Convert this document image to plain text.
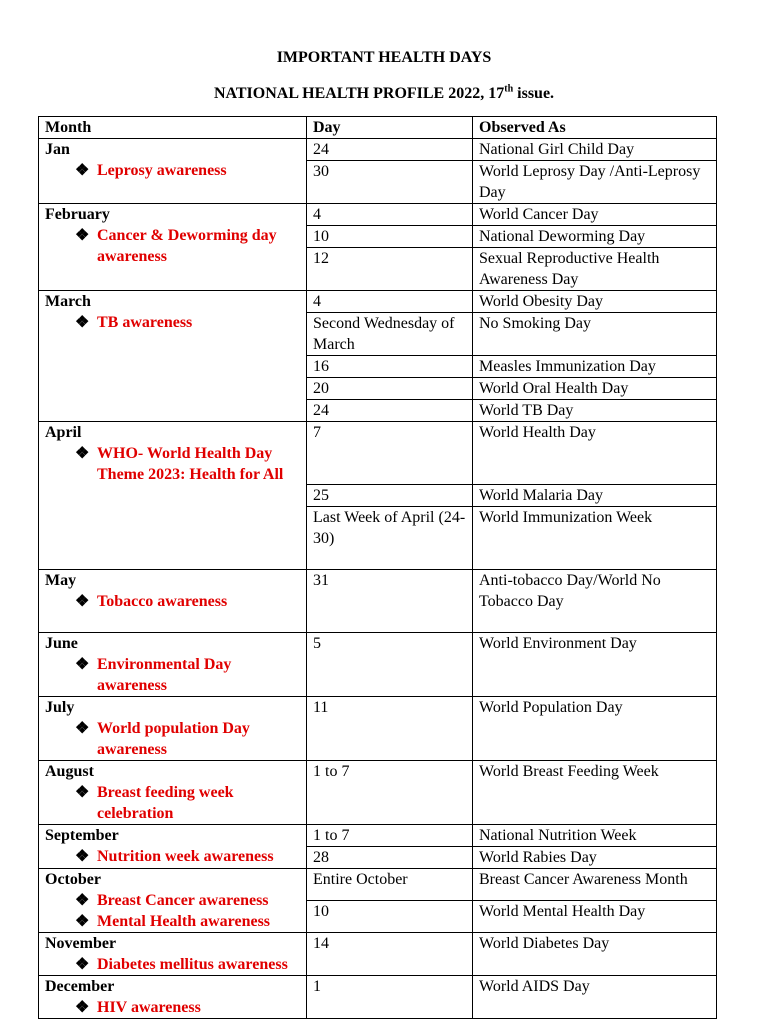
IMPORTANT HEALTH DAYS
NATIONAL HEALTH PROFILE 2022, 17th issue.
Month	Day	Observed As

Jan
❖ Leprosy awareness	24	National Girl Child Day
	30	World Leprosy Day /Anti-Leprosy Day

February
❖ Cancer & Deworming day awareness	4	World Cancer Day
	10	National Deworming Day
	12	Sexual Reproductive Health Awareness Day

March
❖ TB awareness	4	World Obesity Day
	Second Wednesday of March	No Smoking Day
	16	Measles Immunization Day
	20	World Oral Health Day
	24	World TB Day

April
❖ WHO- World Health Day Theme 2023: Health for All	7	World Health Day
	25	World Malaria Day
	Last Week of April (24-30)	World Immunization Week

May
❖ Tobacco awareness	31	Anti-tobacco Day/World No Tobacco Day

June
❖ Environmental Day awareness	5	World Environment Day

July
❖ World population Day awareness	11	World Population Day

August
❖ Breast feeding week celebration	1 to 7	World Breast Feeding Week

September
❖ Nutrition week awareness	1 to 7	National Nutrition Week
	28	World Rabies Day

October
❖ Breast Cancer awareness
❖ Mental Health awareness	Entire October	Breast Cancer Awareness Month
	10	World Mental Health Day

November
❖ Diabetes mellitus awareness	14	World Diabetes Day

December
❖ HIV awareness	1	World AIDS Day
